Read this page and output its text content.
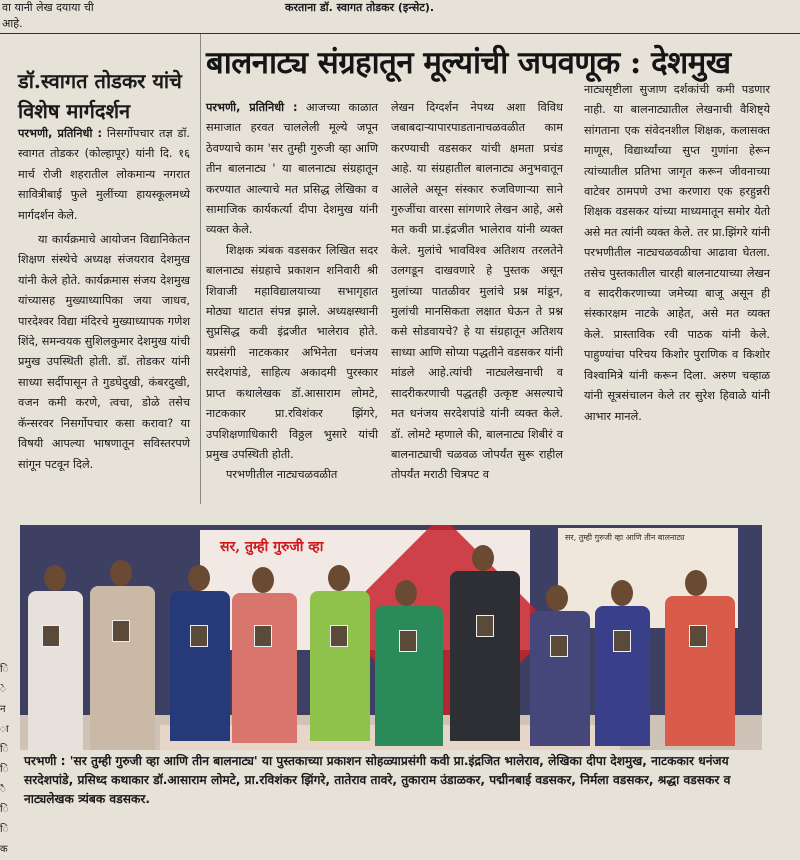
वा यानी लेख दयाया ची आहे.
करताना डॉ. स्वागत तोडकर (इन्सेट).
डॉ.स्वागत तोडकर यांचे विशेष मार्गदर्शन

परभणी, प्रतिनिधी : निसर्गोपचार तज्ञ डॉ. स्वागत तोडकर (कोल्हापूर) यांनी दि. १६ मार्च रोजी शहरातील लोकमान्य नगरात सावित्रीबाई फुले मुलींच्या हायस्कूलमध्ये मार्गदर्शन केले.

या कार्यक्रमाचे आयोजन विद्यानिकेतन शिक्षण संस्थेचे अध्यक्ष संजयराव देशमुख यांनी केले होते. कार्यक्रमास संजय देशमुख यांच्यासह मुख्याध्यापिका जया जाधव, पारदेश्वर विद्या मंदिरचे मुख्याध्यापक गणेश शिंदे, समन्वयक सुशिलकुमार देशमुख यांची प्रमुख उपस्थिती होती. डॉ. तोडकर यांनी साध्या सर्दीपासून ते गुडघेदुखी, कंबरदुखी, वजन कमी करणे, त्वचा, डोळे तसेच कॅन्सरवर निसर्गोपचार कसा करावा? या विषयी आपल्या भाषणातून सविस्तरपणे सांगून पटवून दिले.

बालनाट्य संग्रहातून मूल्यांची जपवणूक : देशमुख

परभणी, प्रतिनिधी : आजच्या काळात समाजात हरवत चाललेली मूल्ये जपून ठेवण्याचे काम 'सर तुम्ही गुरुजी व्हा आणि तीन बालनाट्य ' या बालनाट्य संग्रहातून करण्यात आल्याचे मत प्रसिद्ध लेखिका व सामाजिक कार्यकर्त्या दीपा देशमुख यांनी व्यक्त केले.

शिक्षक त्र्यंबक वडसकर लिखित सदर बालनाट्य संग्रहाचे प्रकाशन शनिवारी श्री शिवाजी महाविद्यालयाच्या सभागृहात मोठ्या थाटात संपन्न झाले. अध्यक्षस्थानी सुप्रसिद्ध कवी इंद्रजीत भालेराव होते. यप्रसंगी नाटककार अभिनेता धनंजय सरदेशपांडे, साहित्य अकादमी पुरस्कार प्राप्त कथालेखक डॉ.आसाराम लोमटे, नाटककार प्रा.रविशंकर झिंगरे, उपशिक्षणाधिकारी विठ्ठल भुसारे यांची प्रमुख उपस्थिती होती.

परभणीतील नाट्यचळवळीत

लेखन दिग्दर्शन नेपथ्य अशा विविध जबाबदाऱ्यापारपाडतानाचळवळीत काम करण्याची वडसकर यांची क्षमता प्रचंड आहे. या संग्रहातील बालनाट्य अनुभवातून आलेले असून संस्कार रुजविणाऱ्या साने गुरुजींचा वारसा सांगणारे लेखन आहे, असे मत कवी प्रा.इंद्रजीत भालेराव यांनी व्यक्त केले. मुलांचे भावविश्व अतिशय तरलतेने उलगडून दाखवणारे हे पुस्तक असून मुलांच्या पातळीवर मुलांचे प्रश्न मांडून, मुलांची मानसिकता लक्षात घेऊन ते प्रश्न कसे सोडवायचे? हे या संग्रहातून अतिशय साध्या आणि सोप्या पद्धतीने वडसकर यांनी मांडले आहे.त्यांची नाट्यलेखनाची व सादरीकरणाची पद्धतही उत्कृष्ट असल्याचे मत धनंजय सरदेशपांडे यांनी व्यक्त केले. डॉ. लोमटे म्हणाले की, बालनाट्य शिबीरं व बालनाट्याची चळवळ जोपर्यंत सुरू राहील तोपर्यंत मराठी चित्रपट व

नाट्यसृष्टीला सुजाण दर्शकांची कमी पडणार नाही. या बालनाट्यातील लेखनाची वैशिष्ट्ये सांगताना एक संवेदनशील शिक्षक, कलासक्त माणूस, विद्यार्थ्यांच्या सुप्त गुणांना हेरून त्यांच्यातील प्रतिभा जागृत करून जीवनाच्या वाटेवर ठामपणे उभा करणारा एक हरहुन्नरी शिक्षक वडसकर यांच्या माध्यमातून समोर येतो असे मत त्यांनी व्यक्त केले. तर प्रा.झिंगरे यांनी परभणीतील नाट्यचळवळीचा आढावा घेतला. तसेच पुस्तकातील चारही बालनाटयाच्या लेखन व सादरीकरणाच्या जमेच्या बाजू असून ही संस्कारक्षम नाटके आहेत, असे मत व्यक्त केले. प्रास्ताविक रवी पाठक यांनी केले. पाहुण्यांचा परिचय किशोर पुराणिक व किशोर विश्वामित्रे यांनी करून दिला. अरुण चव्हाळ यांनी सूत्रसंचालन केले तर सुरेश हिवाळे यांनी आभार मानले.

सर, तुम्ही गुरुजी व्हा
सर, तुम्ही गुरुजी व्हा आणि तीन बालनाट्य
परभणी : 'सर तुम्ही गुरुजी व्हा आणि तीन बालनाट्य' या पुस्तकाच्या प्रकाशन सोहळ्याप्रसंगी कवी प्रा.इंद्रजित भालेराव, लेखिका दीपा देशमुख, नाटककार धनंजय सरदेशपांडे, प्रसिध्द कथाकार डॉ.आसाराम लोमटे, प्रा.रविशंकर झिंगरे, तातेराव तावरे, तुकाराम उंडाळकर, पद्मीनबाई वडसकर, निर्मला वडसकर, श्रद्धा वडसकर व नाट्यलेखक त्र्यंबक वडसकर.
ि े न ा ि ि ै ि ि क
